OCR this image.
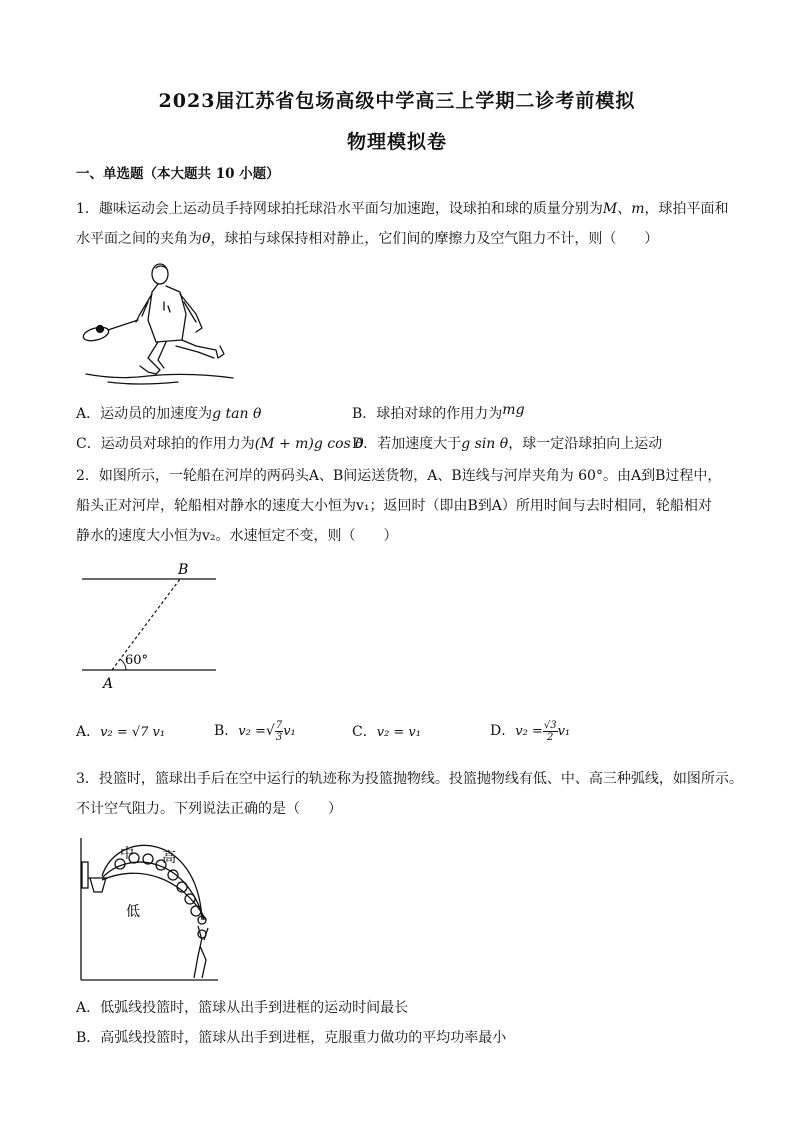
2023届江苏省包场高级中学高三上学期二诊考前模拟
物理模拟卷
一、单选题（本大题共 10 小题）
1．趣味运动会上运动员手持网球拍托球沿水平面匀加速跑，设球拍和球的质量分别为M、m，球拍平面和
水平面之间的夹角为θ，球拍与球保持相对静止，它们间的摩擦力及空气阻力不计，则（　　）
A．运动员的加速度为g tan θ	B．球拍对球的作用力为mg
C．运动员对球拍的作用力为(M + m)g cos θ
D．若加速度大于g sin θ，球一定沿球拍向上运动
2．如图所示，一轮船在河岸的两码头A、B间运送货物，A、B连线与河岸夹角为 60°。由A到B过程中，
船头正对河岸，轮船相对静水的速度大小恒为v₁；返回时（即由B到A）所用时间与去时相同，轮船相对
静水的速度大小恒为v₂。水速恒定不变，则（　　）
B
60°
A
A．v₂ = √7 v₁	B．v₂ =√ $\frac{7}{3} v_1$	C．v₂ = v₁	D．$v_2 = \frac{√3}{2} v_1$
3．投篮时，篮球出手后在空中运行的轨迹称为投篮抛物线。投篮抛物线有低、中、高三种弧线，如图所示。
不计空气阻力。下列说法正确的是（　　）
中 高
低
A．低弧线投篮时，篮球从出手到进框的运动时间最长
B．高弧线投篮时，篮球从出手到进框，克服重力做功的平均功率最小
